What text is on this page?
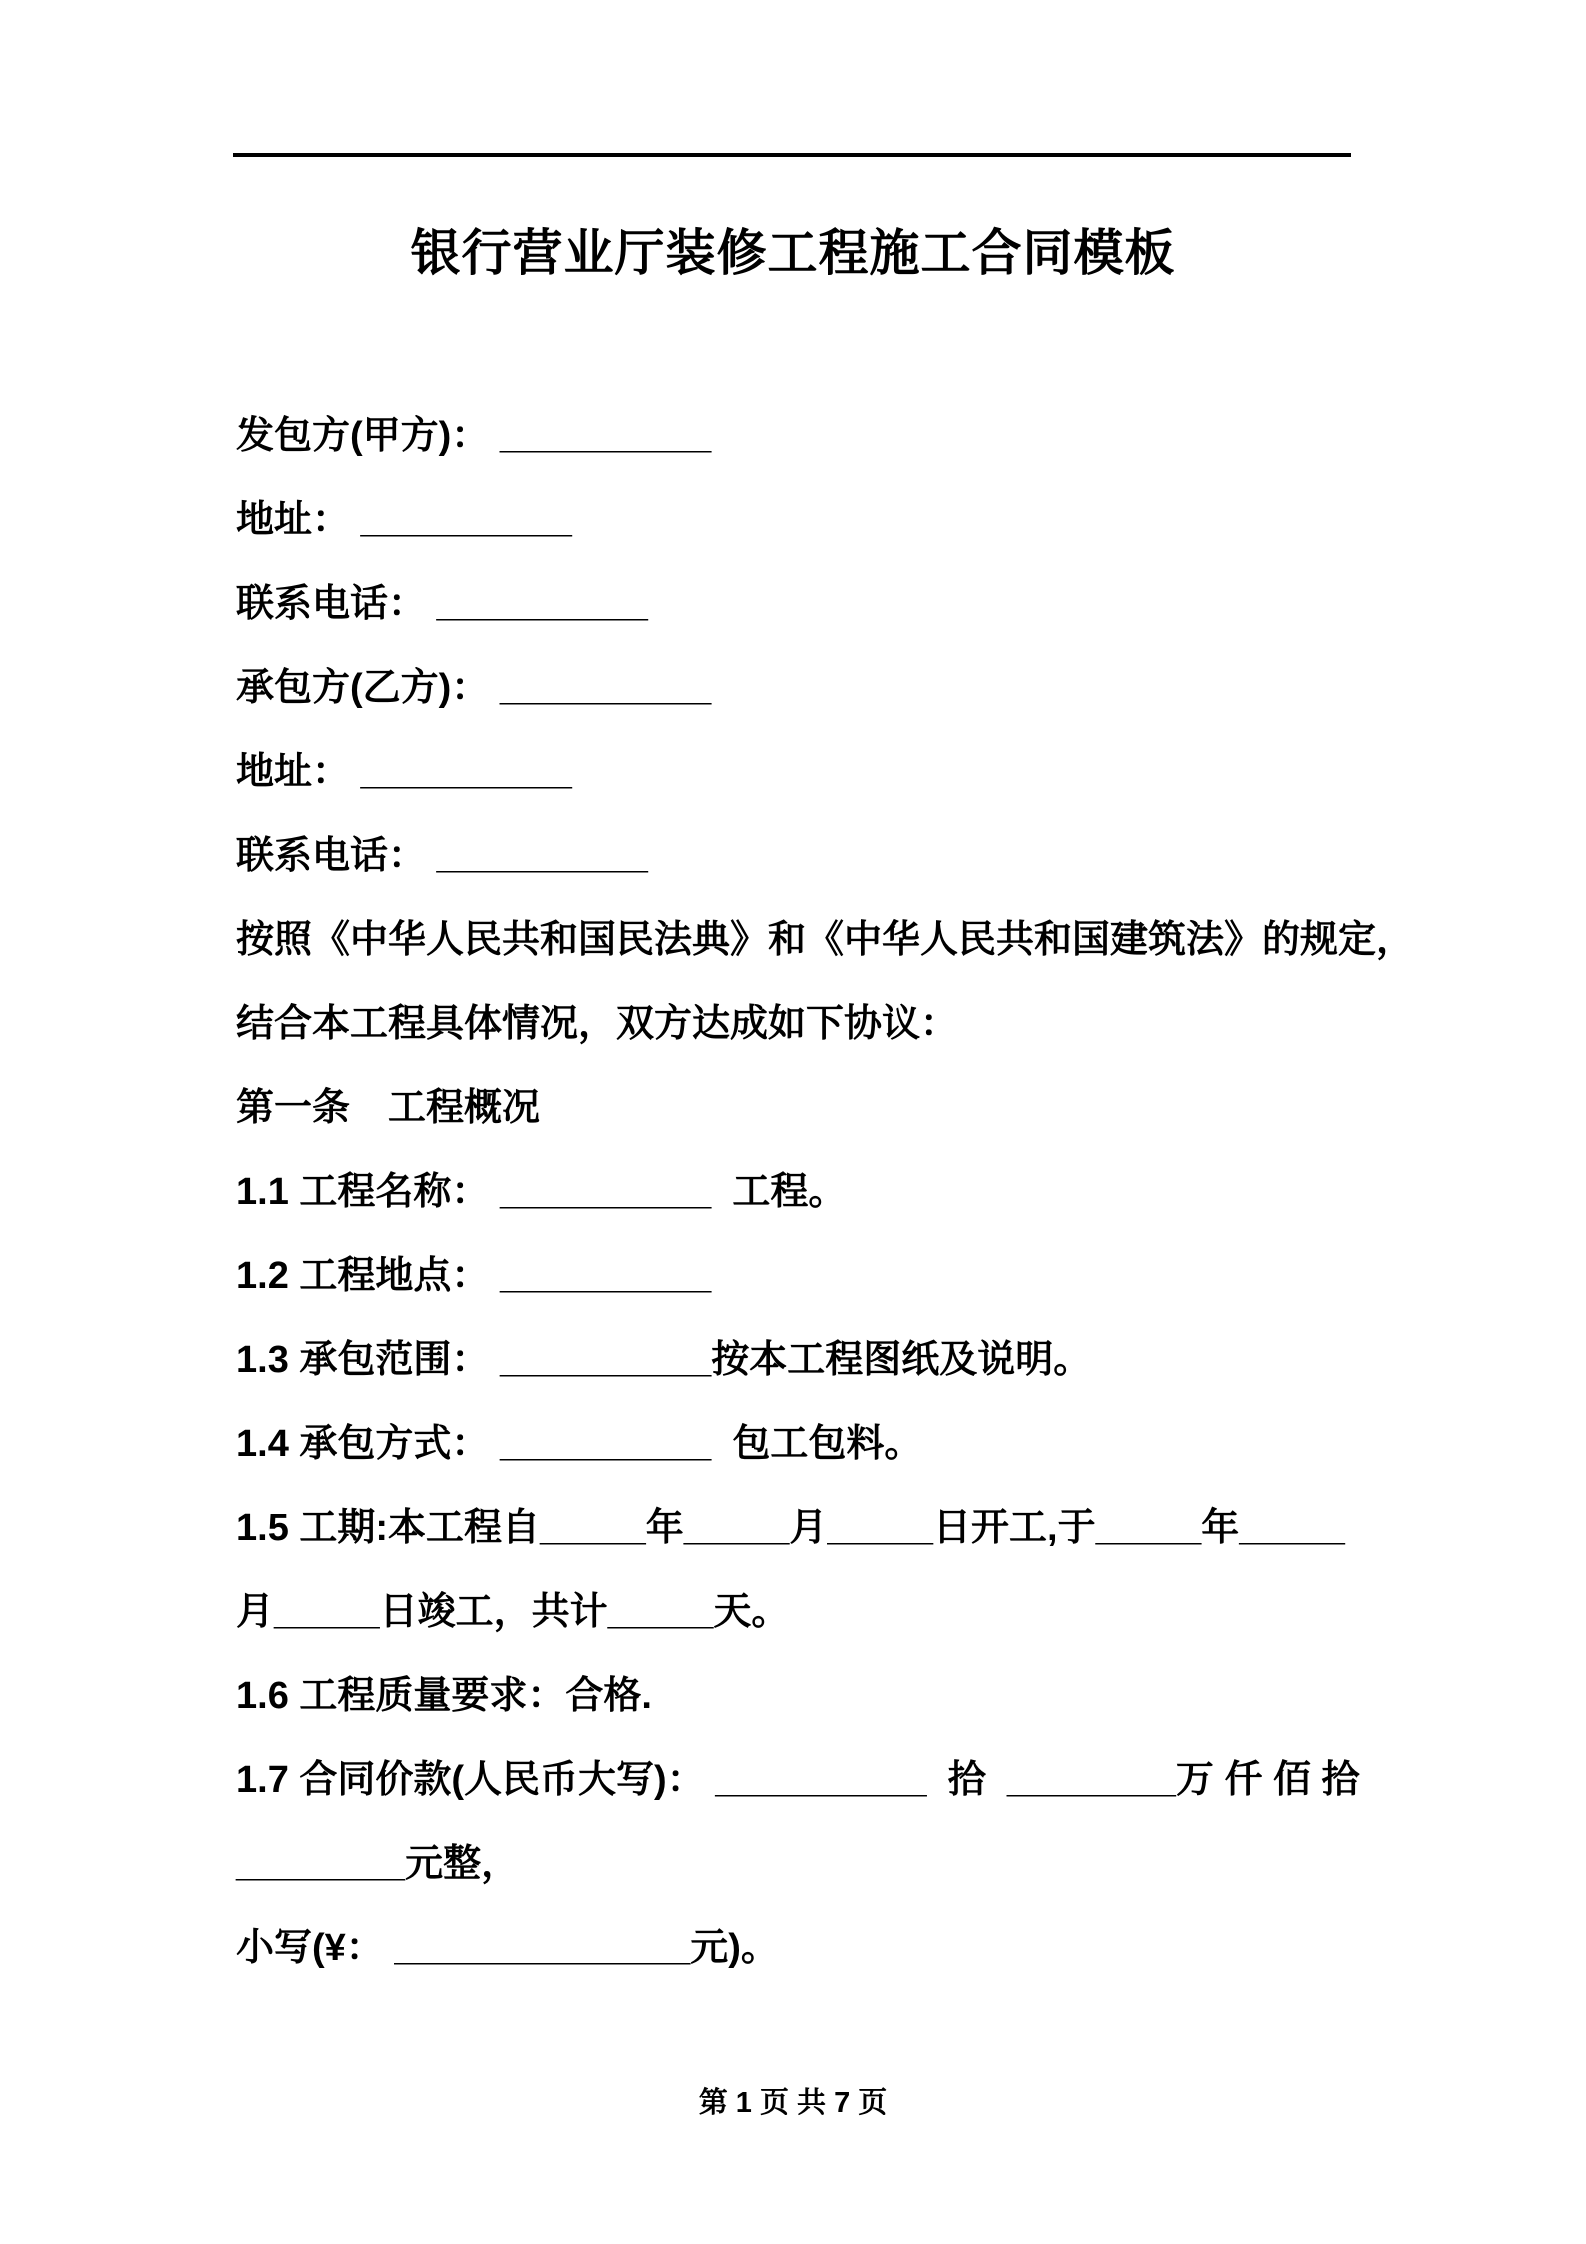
银行营业厅装修工程施工合同模板
发包方(甲方)： __________
地址： __________
联系电话： __________
承包方(乙方)： __________
地址： __________
联系电话： __________
按照《中华人民共和国民法典》和《中华人民共和国建筑法》的规定，
结合本工程具体情况，双方达成如下协议：
第一条　工程概况
1.1 工程名称： __________  工程。
1.2 工程地点： __________
1.3 承包范围： __________按本工程图纸及说明。
1.4 承包方式： __________  包工包料。
1.5 工期:本工程自_____年_____月_____日开工,于_____年_____
月_____日竣工，共计_____天。
1.6 工程质量要求：合格.
1.7 合同价款(人民币大写)： __________  拾  ________万 仟 佰 拾
________元整，
小写(¥： ______________元)。
第 1 页 共 7 页
